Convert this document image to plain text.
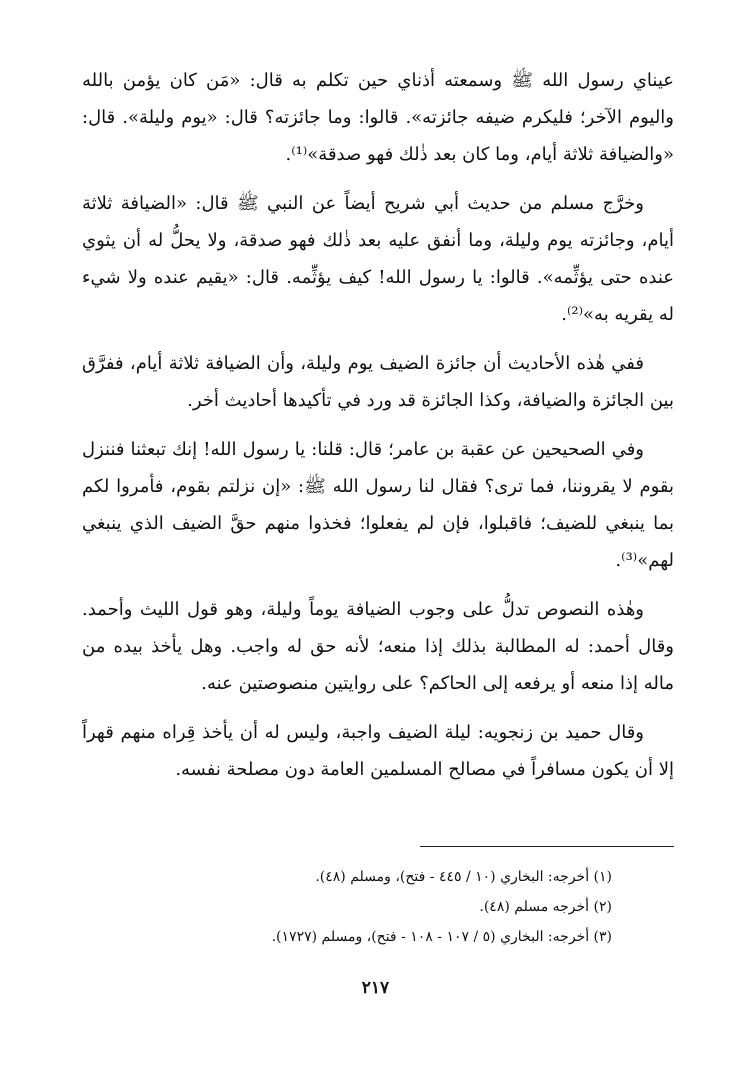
عيناي رسول الله ﷺ وسمعته أذناي حين تكلم به قال: «مَن كان يؤمن بالله واليوم الآخر؛ فليكرم ضيفه جائزته». قالوا: وما جائزته؟ قال: «يوم وليلة». قال: «والضيافة ثلاثة أيام، وما كان بعد ذٰلك فهو صدقة»⁽¹⁾.

وخرَّج مسلم من حديث أبي شريح أيضاً عن النبي ﷺ قال: «الضيافة ثلاثة أيام، وجائزته يوم وليلة، وما أنفق عليه بعد ذٰلك فهو صدقة، ولا يحلُّ له أن يثوي عنده حتى يؤثِّمه». قالوا: يا رسول الله! كيف يؤثِّمه. قال: «يقيم عنده ولا شيء له يقريه به»⁽²⁾.

ففي هٰذه الأحاديث أن جائزة الضيف يوم وليلة، وأن الضيافة ثلاثة أيام، ففرَّق بين الجائزة والضيافة، وكذا الجائزة قد ورد في تأكيدها أحاديث أخر.

وفي الصحيحين عن عقبة بن عامر؛ قال: قلنا: يا رسول الله! إنك تبعثنا فننزل بقوم لا يقروننا، فما ترى؟ فقال لنا رسول الله ﷺ: «إن نزلتم بقوم، فأمروا لكم بما ينبغي للضيف؛ فاقبلوا، فإن لم يفعلوا؛ فخذوا منهم حقَّ الضيف الذي ينبغي لهم»⁽³⁾.

وهٰذه النصوص تدلُّ على وجوب الضيافة يوماً وليلة، وهو قول الليث وأحمد. وقال أحمد: له المطالبة بذلك إذا منعه؛ لأنه حق له واجب. وهل يأخذ بيده من ماله إذا منعه أو يرفعه إلى الحاكم؟ على روايتين منصوصتين عنه.

وقال حميد بن زنجويه: ليلة الضيف واجبة، وليس له أن يأخذ قِراه منهم قهراً إلا أن يكون مسافراً في مصالح المسلمين العامة دون مصلحة نفسه.

(١) أخرجه: البخاري (١٠ / ٤٤٥ - فتح)، ومسلم (٤٨).

(٢) أخرجه مسلم (٤٨).

(٣) أخرجه: البخاري (٥ / ١٠٧ - ١٠٨ - فتح)، ومسلم (١٧٢٧).

٢١٧
